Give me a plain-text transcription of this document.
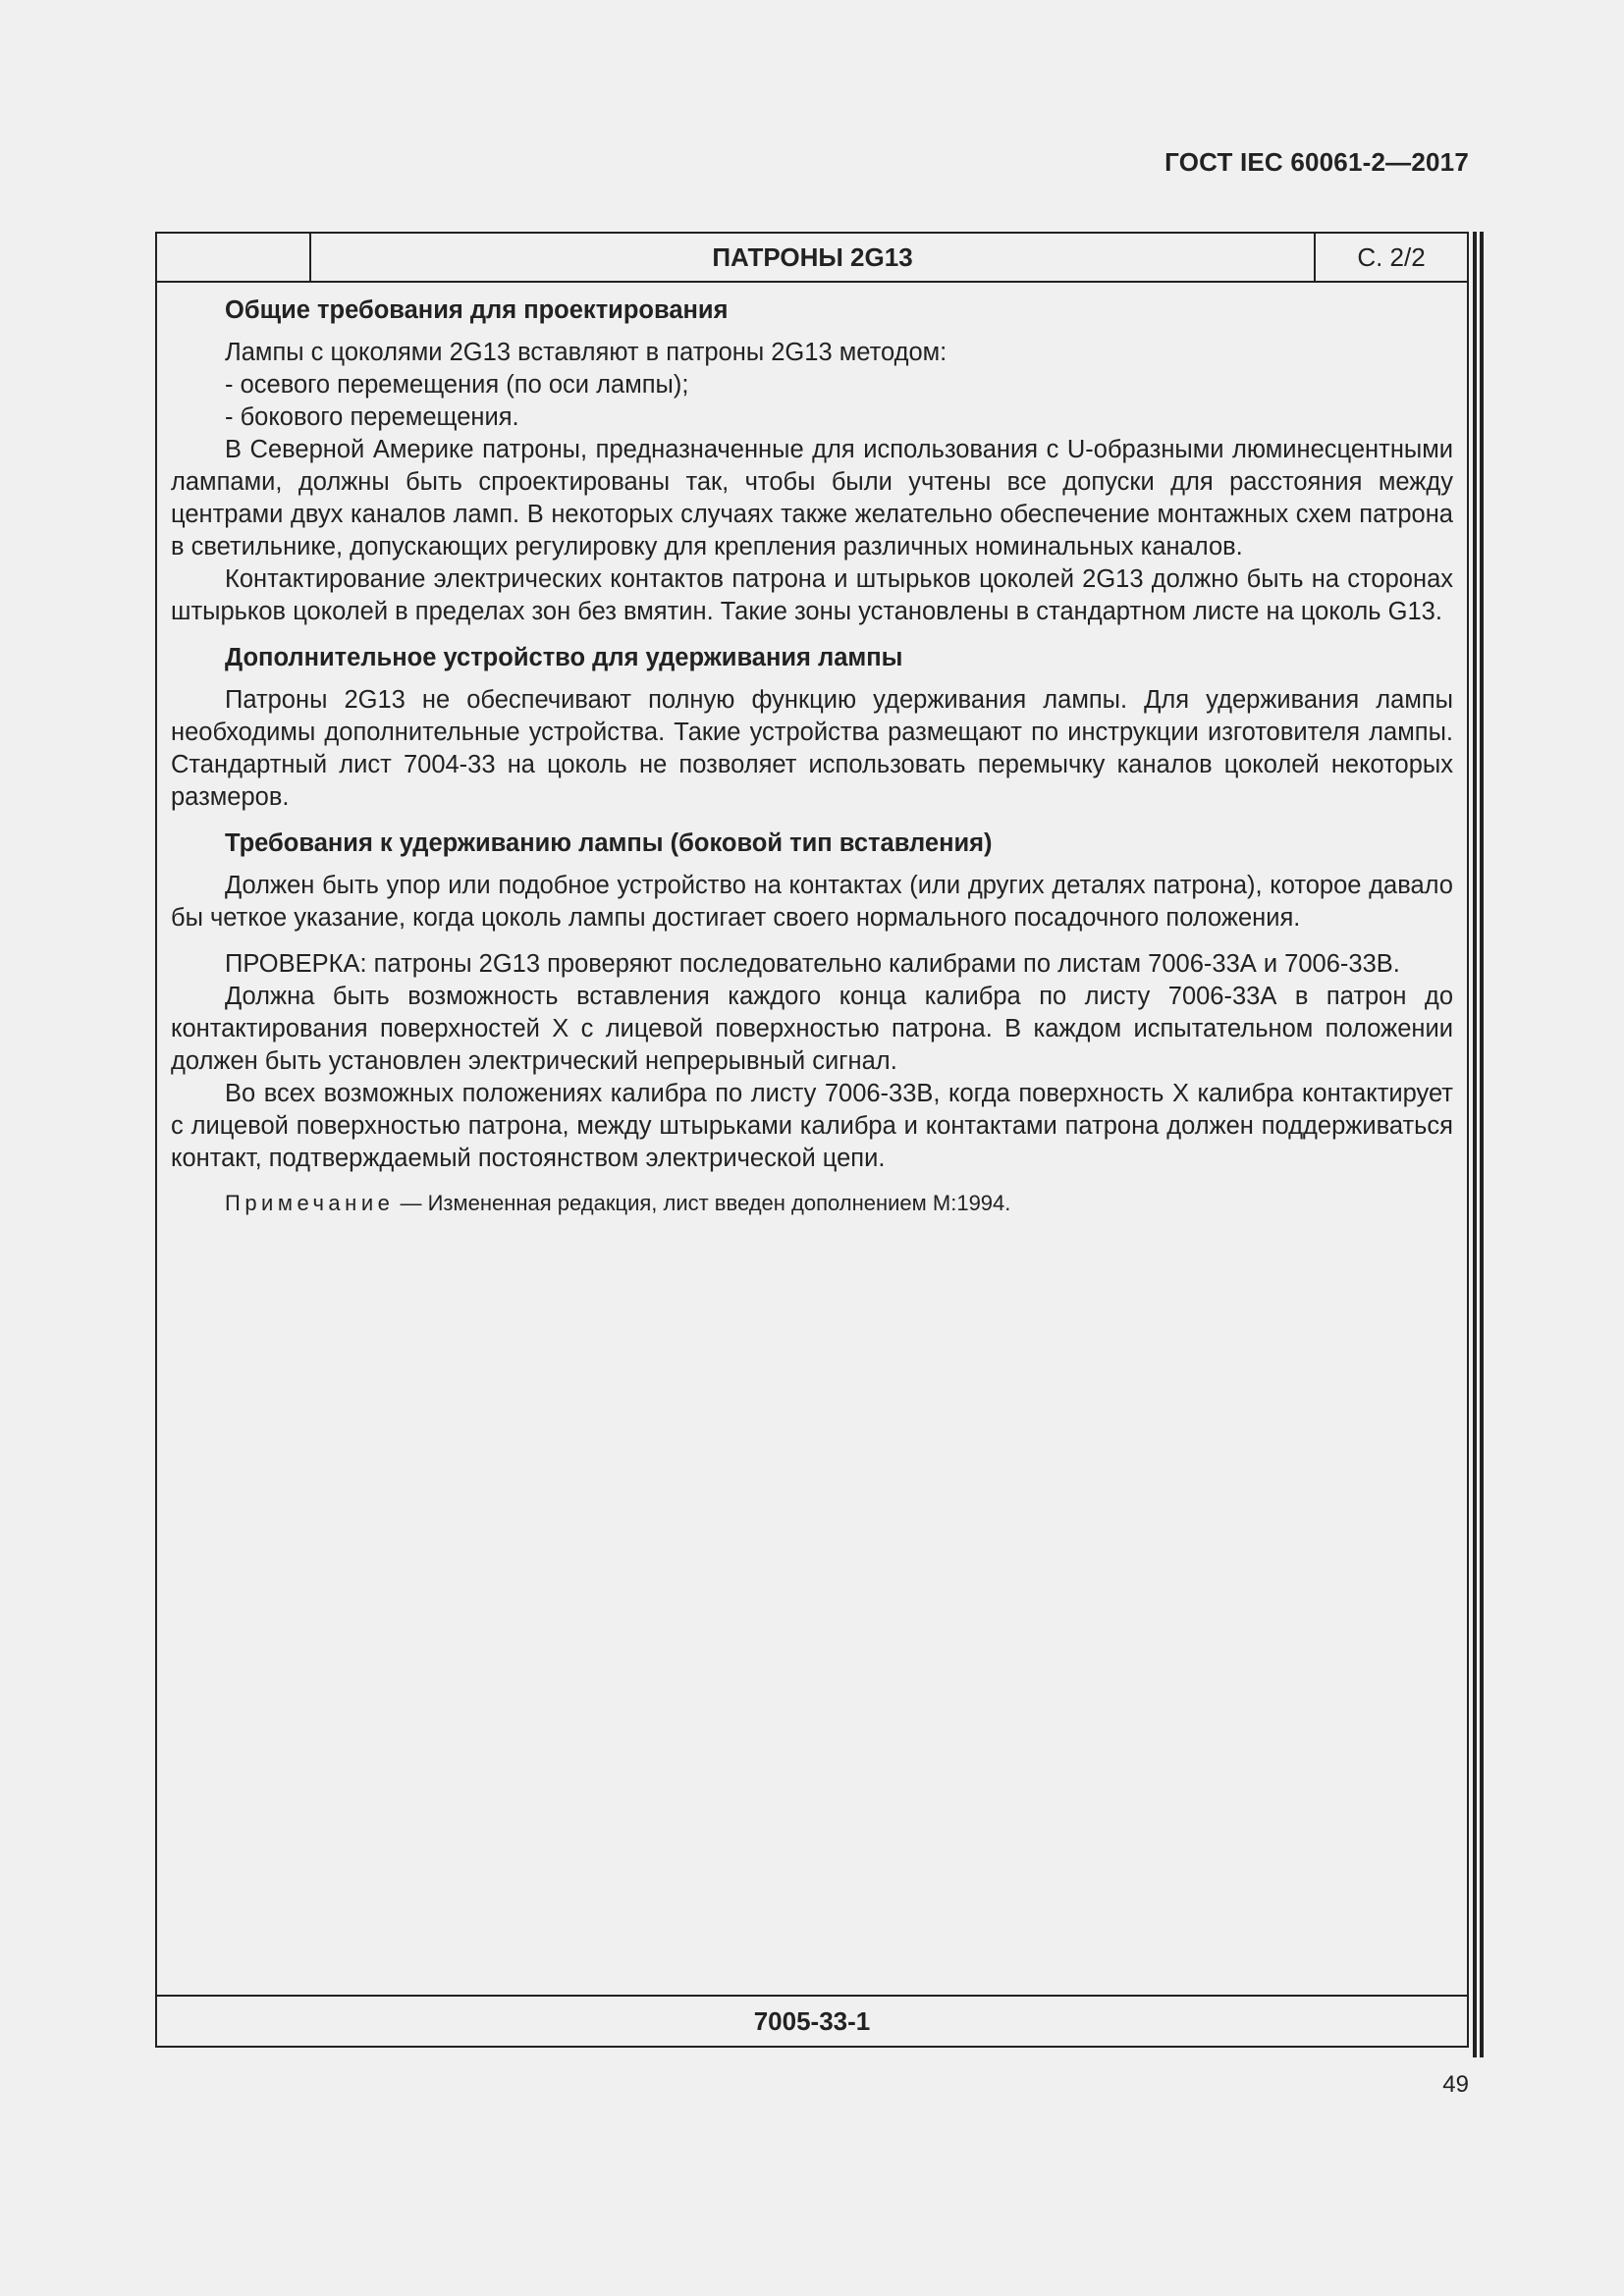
ГОСТ IEC 60061-2—2017
ПАТРОНЫ 2G13	С. 2/2
Общие требования для проектирования

Лампы с цоколями 2G13 вставляют в патроны 2G13 методом:

- осевого перемещения (по оси лампы);

- бокового перемещения.

В Северной Америке патроны, предназначенные для использования с U-образными люминесцентными лампами, должны быть спроектированы так, чтобы были учтены все допуски для расстояния между центрами двух каналов ламп. В некоторых случаях также желательно обеспечение монтажных схем патрона в светильнике, допускающих регулировку для крепления различных номинальных каналов.

Контактирование электрических контактов патрона и штырьков цоколей 2G13 должно быть на сторонах штырьков цоколей в пределах зон без вмятин. Такие зоны установлены в стандартном листе на цоколь G13.

Дополнительное устройство для удерживания лампы

Патроны 2G13 не обеспечивают полную функцию удерживания лампы. Для удерживания лампы необходимы дополнительные устройства. Такие устройства размещают по инструкции изготовителя лампы. Стандартный лист 7004-33 на цоколь не позволяет использовать перемычку каналов цоколей некоторых размеров.

Требования к удерживанию лампы (боковой тип вставления)

Должен быть упор или подобное устройство на контактах (или других деталях патрона), которое давало бы четкое указание, когда цоколь лампы достигает своего нормального посадочного положения.

ПРОВЕРКА: патроны 2G13 проверяют последовательно калибрами по листам 7006-33А и 7006-33В.

Должна быть возможность вставления каждого конца калибра по листу 7006-33А в патрон до контактирования поверхностей X с лицевой поверхностью патрона. В каждом испытательном положении должен быть установлен электрический непрерывный сигнал.

Во всех возможных положениях калибра по листу 7006-33В, когда поверхность X калибра контактирует с лицевой поверхностью патрона, между штырьками калибра и контактами патрона должен поддерживаться контакт, подтверждаемый постоянством электрической цепи.

Примечание — Измененная редакция, лист введен дополнением М:1994.

7005-33-1
49
